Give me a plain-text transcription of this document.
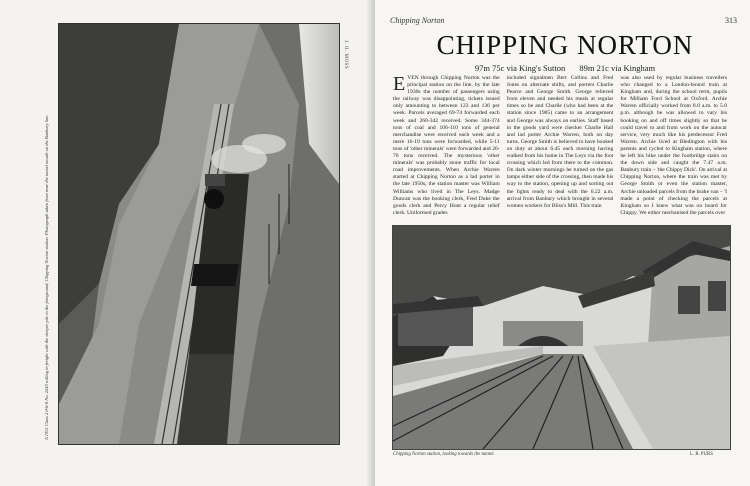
A 1951 Class 2 0-6-0 No. 2243 rolling in freight with the sleeper pile in the foreground, Chipping Norton station. Photograph taken from near the tunnel mouth on the Banbury line.
J. H. MOSS
Chipping Norton	313
CHIPPING NORTON
97m 75c via King's Sutton 89m 21c via Kingham
EVEN through Chipping Norton was the principal station on the line, by the late 1930s the number of passengers using the railway was disappointing, tickets issued only amounting to between 123 and 136 per week. Parcels averaged 69-74 forwarded each week and 260-342 received. Some 344-374 tons of coal and 106-110 tons of general merchandise were received each week and a mere 16-19 tons were forwarded, while 5-11 tons of 'other minerals' were forwarded and 26-76 tons received. The mysterious 'other minerals' was probably stone traffic for local road improvements. When Archie Warren started at Chipping Norton as a lad porter in the late 1950s, the station master was William Williams who lived in The Leys. Madge Duncan was the booking clerk, Fred Duke the goods clerk and Percy Hunt a regular relief clerk. Uniformed grades
included signalmen Bert Collins and Fred Jones on alternate shifts, and porters Charlie Pearce and George Smith. George relieved from eleven and needed his meals at regular times so he and Charlie (who had been at the station since 1905) came to an arrangement and George was always on earlies. Staff based in the goods yard were checker Charlie Hall and lad porter Archie Warren, both on day turns. George Smith is believed to have booked on duty at about 6.45 each morning having walked from his home in The Leys via the foot crossing which led from there to the common. On dark winter mornings he turned on the gas lamps either side of the crossing, then made his way to the station, opening up and sorting out the lights ready to deal with the 6.22 a.m. arrival from Banbury which brought in several women workers for Bliss's Mill. This train
was also used by regular business travellers who changed to a London-bound train at Kingham and, during the school term, pupils for Milham Ford School at Oxford. Archie Warren officially worked from 8.0 a.m. to 5.0 p.m. although he was allowed to vary his booking on and off times slightly so that he could travel to and from work on the autocar service, very much like his predecessor Fred Warren. Archie lived at Bledington with his parents and cycled to Kingham station, where he left his bike under the footbridge stairs on the down side and caught the 7.47 a.m. Banbury train – 'the Chippy Dick'. On arrival at Chipping Norton, where the train was met by George Smith or even the station master, Archie unloaded parcels from the brake van – 'I made a point of checking the parcels at Kingham so I knew what was on board for Chippy. We either mechanised the parcels over
Chipping Norton station, looking towards the tunnel.	L. R. PURS
